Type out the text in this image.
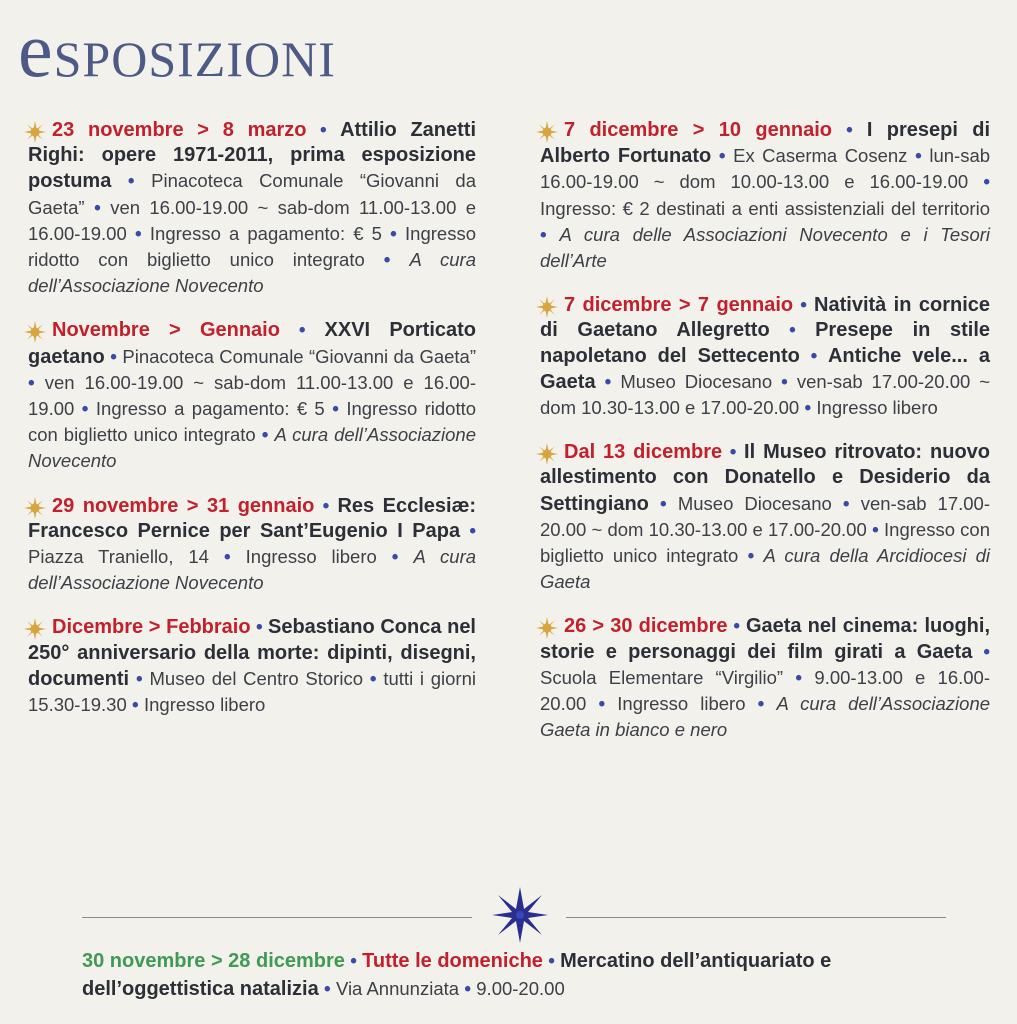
eSPOSIZIONI
23 novembre > 8 marzo • Attilio Zanetti Righi: opere 1971-2011, prima esposizione postuma • Pinacoteca Comunale “Giovanni da Gaeta” • ven 16.00-19.00 ~ sab-dom 11.00-13.00 e 16.00-19.00 • Ingresso a pagamento: € 5 • Ingresso ridotto con biglietto unico integrato • A cura dell’Associazione Novecento
Novembre > Gennaio • XXVI Porticato gaetano • Pinacoteca Comunale “Giovanni da Gaeta” • ven 16.00-19.00 ~ sab-dom 11.00-13.00 e 16.00-19.00 • Ingresso a pagamento: € 5 • Ingresso ridotto con biglietto unico integrato • A cura dell’Associazione Novecento
29 novembre > 31 gennaio • Res Ecclesiæ: Francesco Pernice per Sant’Eugenio I Papa • Piazza Traniello, 14 • Ingresso libero • A cura dell’Associazione Novecento
Dicembre > Febbraio • Sebastiano Conca nel 250° anniversario della morte: dipinti, disegni, documenti • Museo del Centro Storico • tutti i giorni 15.30-19.30 • Ingresso libero
7 dicembre > 10 gennaio • I presepi di Alberto Fortunato • Ex Caserma Cosenz • lun-sab 16.00-19.00 ~ dom 10.00-13.00 e 16.00-19.00 • Ingresso: € 2 destinati a enti assistenziali del territorio • A cura delle Associazioni Novecento e i Tesori dell’Arte
7 dicembre > 7 gennaio • Natività in cornice di Gaetano Allegretto • Presepe in stile napoletano del Settecento • Antiche vele... a Gaeta • Museo Diocesano • ven-sab 17.00-20.00 ~ dom 10.30-13.00 e 17.00-20.00 • Ingresso libero
Dal 13 dicembre • Il Museo ritrovato: nuovo allestimento con Donatello e Desiderio da Settingiano • Museo Diocesano • ven-sab 17.00-20.00 ~ dom 10.30-13.00 e 17.00-20.00 • Ingresso con biglietto unico integrato • A cura della Arcidiocesi di Gaeta
26 > 30 dicembre • Gaeta nel cinema: luoghi, storie e personaggi dei film girati a Gaeta • Scuola Elementare “Virgilio” • 9.00-13.00 e 16.00-20.00 • Ingresso libero • A cura dell’Associazione Gaeta in bianco e nero
30 novembre > 28 dicembre • Tutte le domeniche • Mercatino dell’antiquariato e dell’oggettistica natalizia • Via Annunziata • 9.00-20.00
